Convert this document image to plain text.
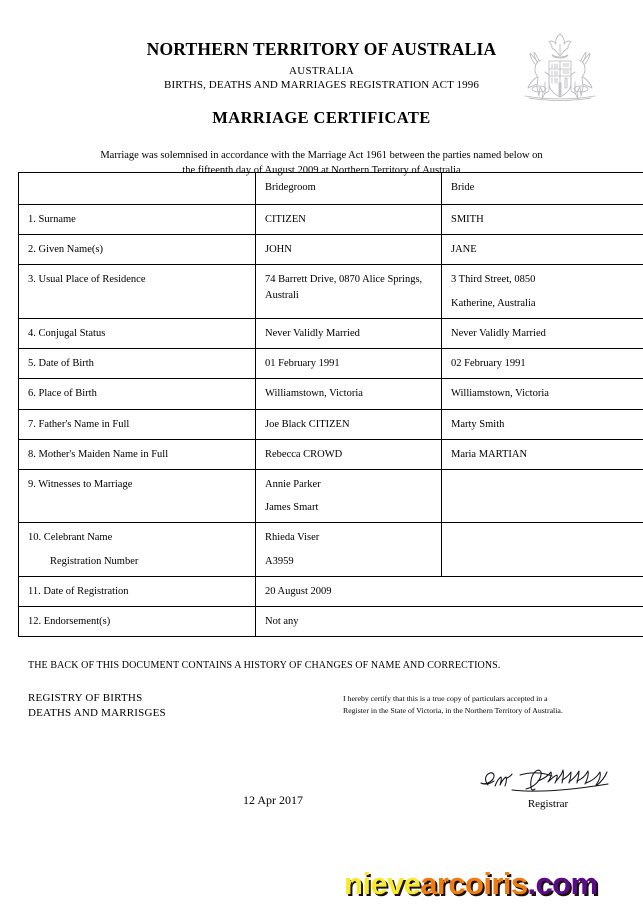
NORTHERN TERRITORY OF AUSTRALIA
AUSTRALIA
BIRTHS, DEATHS AND MARRIAGES REGISTRATION ACT 1996
MARRIAGE CERTIFICATE
Marriage was solemnised in accordance with the Marriage Act 1961 between the parties named below on
the fifteenth day of August 2009 at Northern Territory of Australia
	Bridegroom	Bride
1. Surname	CITIZEN	SMITH
2. Given Name(s)	JOHN	JANE
3. Usual Place of Residence	74 Barrett Drive, 0870 Alice Springs, Australi	3 Third Street, 0850
Katherine, Australia

4. Conjugal Status	Never Validly Married	Never Validly Married
5. Date of Birth	01 February 1991	02 February 1991
6. Place of Birth	Williamstown, Victoria	Williamstown, Victoria
7. Father's Name in Full	Joe Black CITIZEN	Marty Smith
8. Mother's Maiden Name in Full	Rebecca CROWD	Maria MARTIAN
9. Witnesses to Marriage	Annie Parker
James Smart	

10. Celebrant Name
Registration Number	Rhieda Viser
A3959	

11. Date of Registration	20 August 2009	
12. Endorsement(s)	Not any	
THE BACK OF THIS DOCUMENT CONTAINS A HISTORY OF CHANGES OF NAME AND CORRECTIONS.
REGISTRY OF BIRTHS
DEATHS AND MARRISGES
I hereby certify that this is a true copy of particulars accepted in a
Register in the State of Victoria, in the Northern Territory of Australia.
12 Apr 2017	Registrar
nievearcoiris.com
